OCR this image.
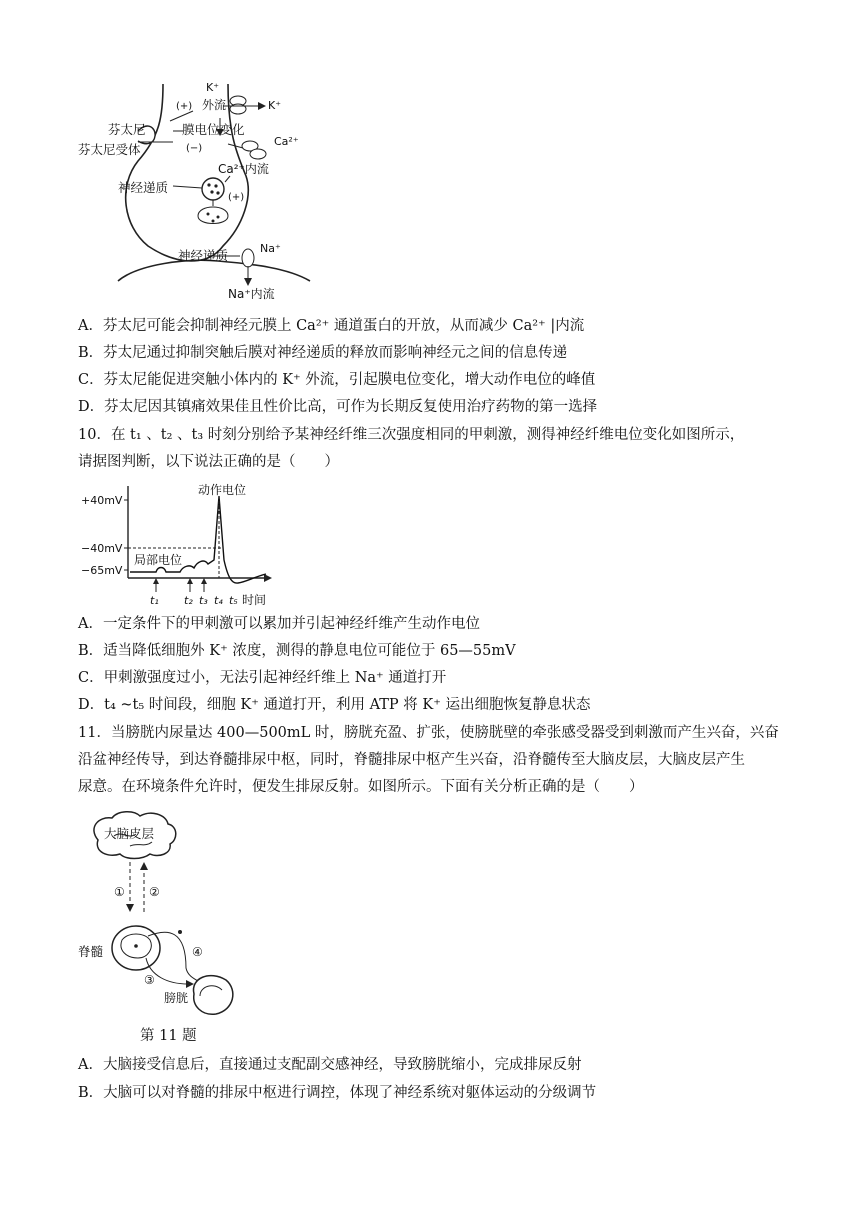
K⁺
(+) 外流	K⁺
芬太尼
芬太尼受体
膜电位变化
(−)
Ca²⁺
Ca²⁺内流
神经递质
(+)
神经递质	Na⁺
Na⁺内流
A．芬太尼可能会抑制神经元膜上 Ca²⁺ 通道蛋白的开放，从而减少 Ca²⁺ |内流
B．芬太尼通过抑制突触后膜对神经递质的释放而影响神经元之间的信息传递
C．芬太尼能促进突触小体内的 K⁺ 外流，引起膜电位变化，增大动作电位的峰值
D．芬太尼因其镇痛效果佳且性价比高，可作为长期反复使用治疗药物的第一选择
10．在 t₁ 、t₂ 、t₃ 时刻分别给予某神经纤维三次强度相同的甲刺激，测得神经纤维电位变化如图所示，
请据图判断，以下说法正确的是（　　）
+40mV
−40mV
−65mV
动作电位
局部电位
时间
t₁ t₂ t₃ t₄ t₅
A．一定条件下的甲刺激可以累加并引起神经纤维产生动作电位
B．适当降低细胞外 K⁺ 浓度，测得的静息电位可能位于 65—55mV
C．甲刺激强度过小，无法引起神经纤维上 Na⁺ 通道打开
D．t₄ ~t₅ 时间段，细胞 K⁺ 通道打开，利用 ATP 将 K⁺ 运出细胞恢复静息状态
11．当膀胱内尿量达 400—500mL 时，膀胱充盈、扩张，使膀胱壁的牵张感受器受到刺激而产生兴奋，兴奋
沿盆神经传导，到达脊髓排尿中枢，同时，脊髓排尿中枢产生兴奋，沿脊髓传至大脑皮层，大脑皮层产生
尿意。在环境条件允许时，便发生排尿反射。如图所示。下面有关分析正确的是（　　）
大脑皮层
① ②
脊髓
③
④
膀胱
第 11 题
A．大脑接受信息后，直接通过支配副交感神经，导致膀胱缩小，完成排尿反射
B．大脑可以对脊髓的排尿中枢进行调控，体现了神经系统对躯体运动的分级调节
